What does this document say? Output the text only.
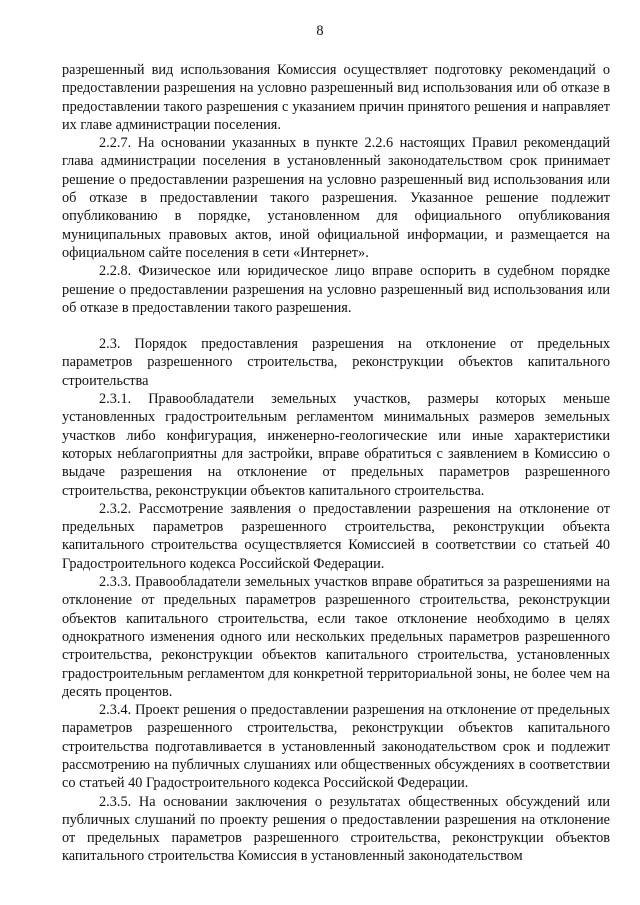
8

разрешенный вид использования Комиссия осуществляет подготовку рекомендаций о предоставлении разрешения на условно разрешенный вид использования или об отказе в предоставлении такого разрешения с указанием причин принятого решения и направляет их главе администрации поселения.

2.2.7. На основании указанных в пункте 2.2.6 настоящих Правил рекомендаций глава администрации поселения в установленный законодательством срок принимает решение о предоставлении разрешения на условно разрешенный вид использования или об отказе в предоставлении такого разрешения. Указанное решение подлежит опубликованию в порядке, установленном для официального опубликования муниципальных правовых актов, иной официальной информации, и размещается на официальном сайте поселения в сети «Интернет».

2.2.8. Физическое или юридическое лицо вправе оспорить в судебном порядке решение о предоставлении разрешения на условно разрешенный вид использования или об отказе в предоставлении такого разрешения.

2.3. Порядок предоставления разрешения на отклонение от предельных параметров разрешенного строительства, реконструкции объектов капитального строительства

2.3.1. Правообладатели земельных участков, размеры которых меньше установленных градостроительным регламентом минимальных размеров земельных участков либо конфигурация, инженерно-геологические или иные характеристики которых неблагоприятны для застройки, вправе обратиться с заявлением в Комиссию о выдаче разрешения на отклонение от предельных параметров разрешенного строительства, реконструкции объектов капитального строительства.

2.3.2. Рассмотрение заявления о предоставлении разрешения на отклонение от предельных параметров разрешенного строительства, реконструкции объекта капитального строительства осуществляется Комиссией в соответствии со статьей 40 Градостроительного кодекса Российской Федерации.

2.3.3. Правообладатели земельных участков вправе обратиться за разрешениями на отклонение от предельных параметров разрешенного строительства, реконструкции объектов капитального строительства, если такое отклонение необходимо в целях однократного изменения одного или нескольких предельных параметров разрешенного строительства, реконструкции объектов капитального строительства, установленных градостроительным регламентом для конкретной территориальной зоны, не более чем на десять процентов.

2.3.4. Проект решения о предоставлении разрешения на отклонение от предельных параметров разрешенного строительства, реконструкции объектов капитального строительства подготавливается в установленный законодательством срок и подлежит рассмотрению на публичных слушаниях или общественных обсуждениях в соответствии со статьей 40 Градостроительного кодекса Российской Федерации.

2.3.5. На основании заключения о результатах общественных обсуждений или публичных слушаний по проекту решения о предоставлении разрешения на отклонение от предельных параметров разрешенного строительства, реконструкции объектов капитального строительства Комиссия в установленный законодательством
